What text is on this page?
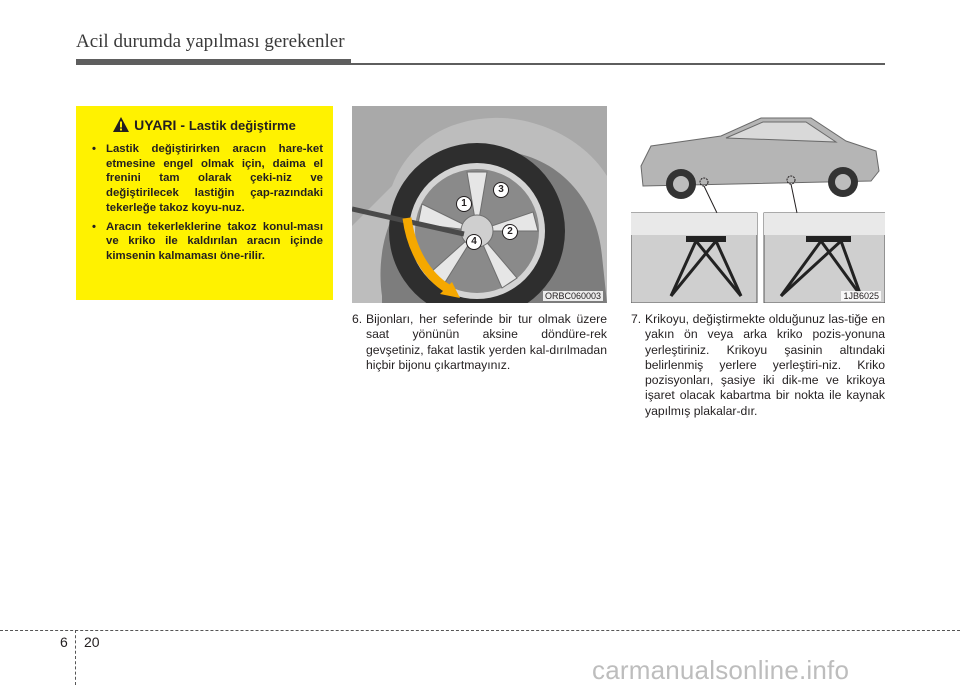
Acil durumda yapılması gerekenler
UYARI - Lastik değiştirme
• Lastik değiştirirken aracın hare-ket etmesine engel olmak için, daima el frenini tam olarak çeki-niz ve değiştirilecek lastiğin çap-razındaki tekerleğe takoz koyu-nuz.
• Aracın tekerleklerine takoz konul-ması ve kriko ile kaldırılan aracın içinde kimsenin kalmaması öne-rilir.
1
2
3
4
ORBC060003	1JB6025
6. Bijonları, her seferinde bir tur olmak üzere saat yönünün aksine döndüre-rek gevşetiniz, fakat lastik yerden kal-dırılmadan hiçbir bijonu çıkartmayınız.
7. Krikoyu, değiştirmekte olduğunuz las-tiğe en yakın ön veya arka kriko pozis-yonuna yerleştiriniz. Krikoyu şasinin altındaki belirlenmiş yerlere yerleştiri-niz. Kriko pozisyonları, şasiye iki dik-me ve krikoya işaret olacak kabartma bir nokta ile kaynak yapılmış plakalar-dır.
6 20
carmanualsonline.info
